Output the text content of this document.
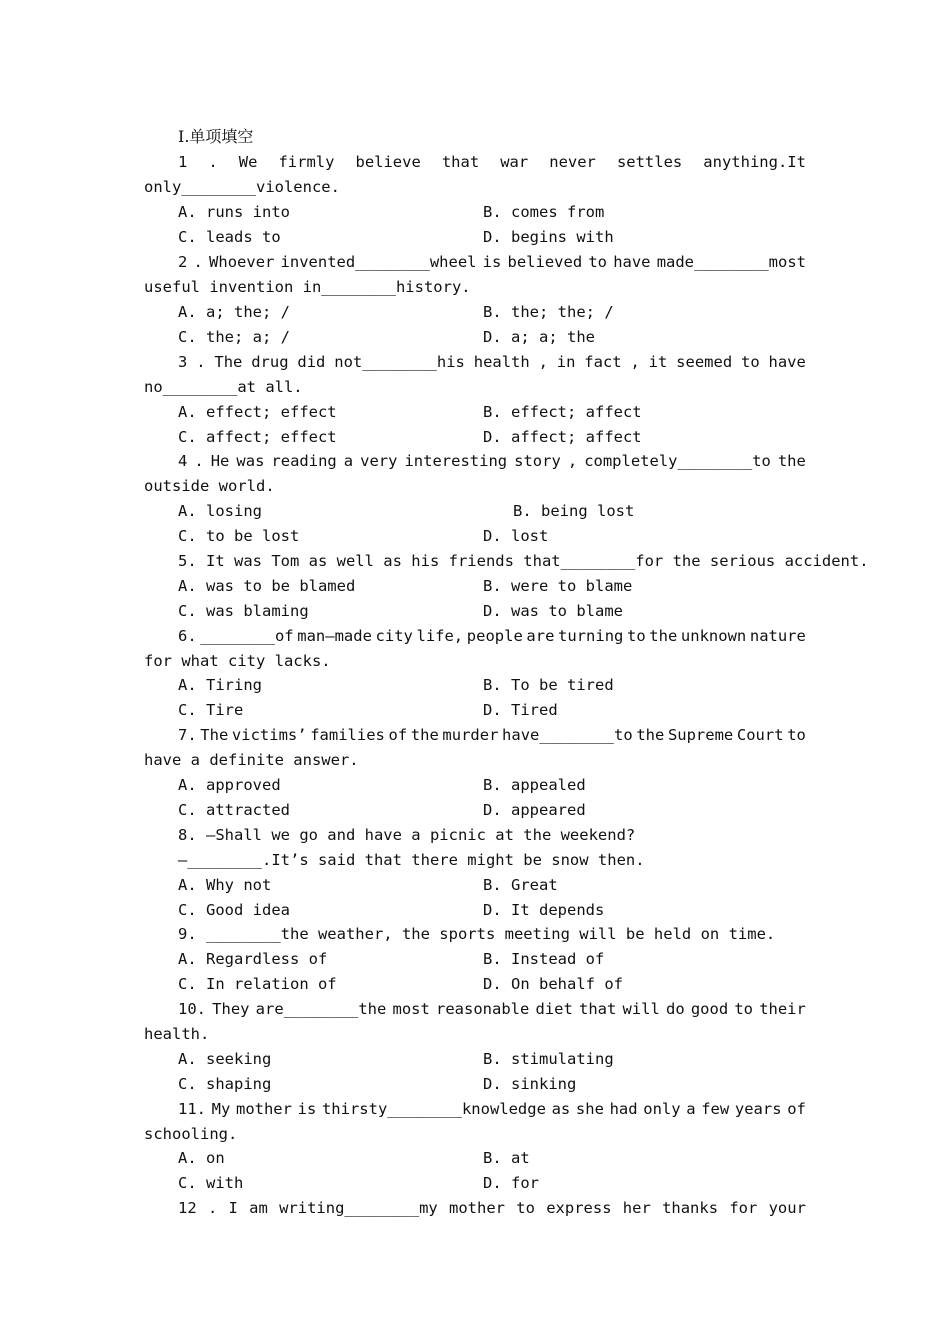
Ⅰ.单项填空
1 . We firmly believe that war never settles anything.It
only________violence.
A. runs into	B. comes from
C. leads to	D. begins with
2 . Whoever invented________wheel is believed to have made________most
useful invention in________history.
A. a; the; /	B. the; the; /
C. the; a; /	D. a; a; the
3 . The drug did not________his health , in fact , it seemed to have
no________at all.
A. effect; effect	B. effect; affect
C. affect; effect	D. affect; affect
4 . He was reading a very interesting story , completely________to the
outside world.
A. losing	B. being lost
C. to be lost	D. lost
5. It was Tom as well as his friends that________for the serious accident.
A. was to be blamed	B. were to blame
C. was blaming	D. was to blame
6. ________of man—made city life, people are turning to the unknown nature
for what city lacks.
A. Tiring	B. To be tired
C. Tire	D. Tired
7. The victims’ families of the murder have________to the Supreme Court to
have a definite answer.
A. approved	B. appealed
C. attracted	D. appeared
8. —Shall we go and have a picnic at the weekend?
—________.It’s said that there might be snow then.
A. Why not	B. Great
C. Good idea	D. It depends
9. ________the weather, the sports meeting will be held on time.
A. Regardless of	B. Instead of
C. In relation of	D. On behalf of
10. They are________the most reasonable diet that will do good to their
health.
A. seeking	B. stimulating
C. shaping	D. sinking
11. My mother is thirsty________knowledge as she had only a few years of
schooling.
A. on	B. at
C. with	D. for
12 . I am writing________my mother to express her thanks for your
